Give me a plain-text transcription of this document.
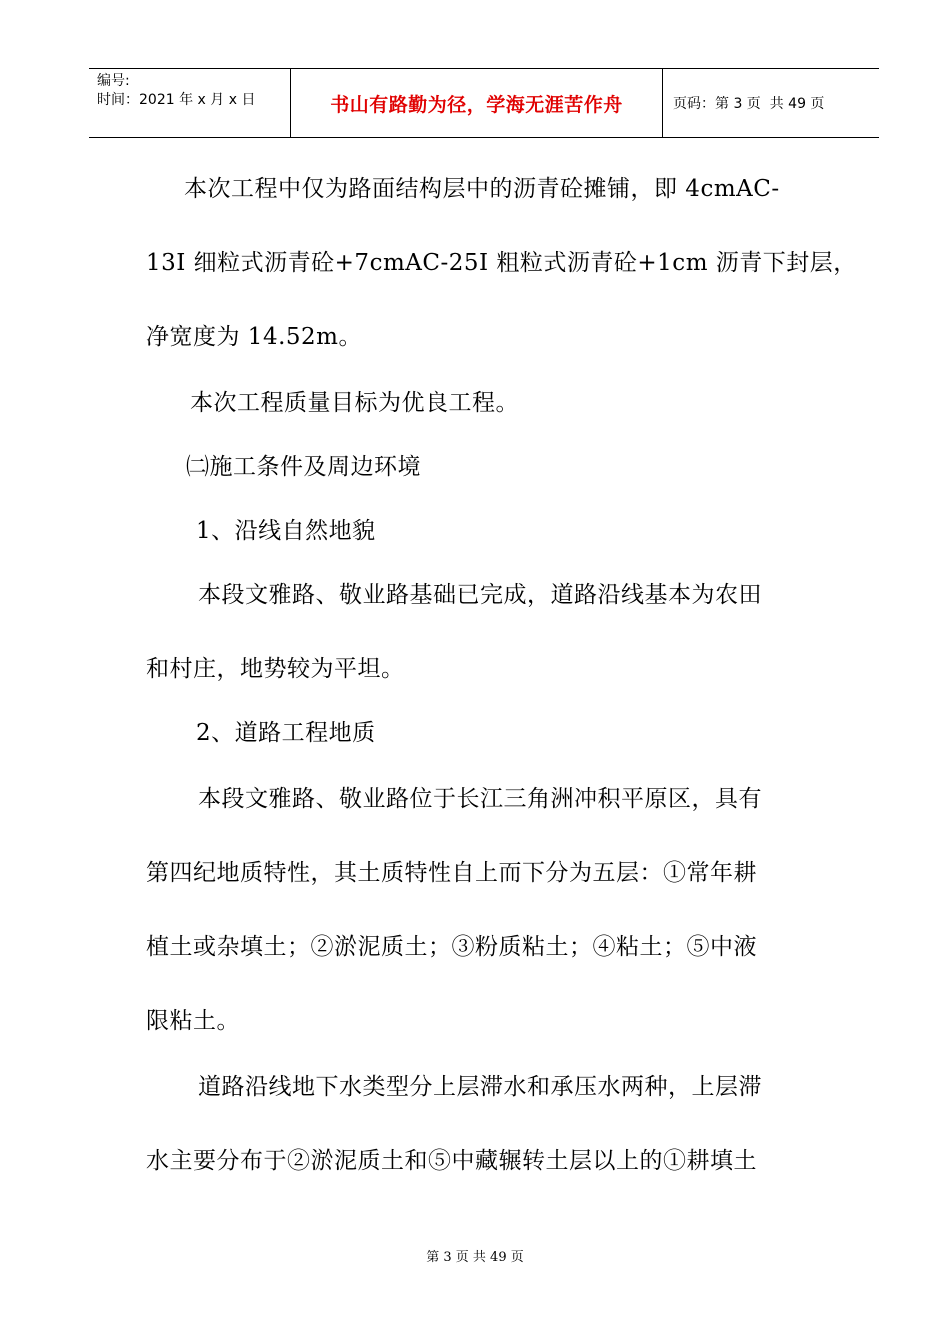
编号:
时间：2021 年 x 月 x 日	书山有路勤为径，学海无涯苦作舟	页码：第 3 页  共 49 页
本次工程中仅为路面结构层中的沥青砼摊铺，即 4cmAC-
13I 细粒式沥青砼+7cmAC-25I 粗粒式沥青砼+1cm 沥青下封层，
净宽度为 14.52m。
本次工程质量目标为优良工程。
㈡施工条件及周边环境
1、沿线自然地貌
本段文雅路、敬业路基础已完成，道路沿线基本为农田
和村庄，地势较为平坦。
2、道路工程地质
本段文雅路、敬业路位于长江三角洲冲积平原区，具有
第四纪地质特性，其土质特性自上而下分为五层：①常年耕
植土或杂填土；②淤泥质土；③粉质粘土；④粘土；⑤中液
限粘土。
道路沿线地下水类型分上层滞水和承压水两种，上层滞
水主要分布于②淤泥质土和⑤中藏辗转土层以上的①耕填土
第 3 页 共 49 页
